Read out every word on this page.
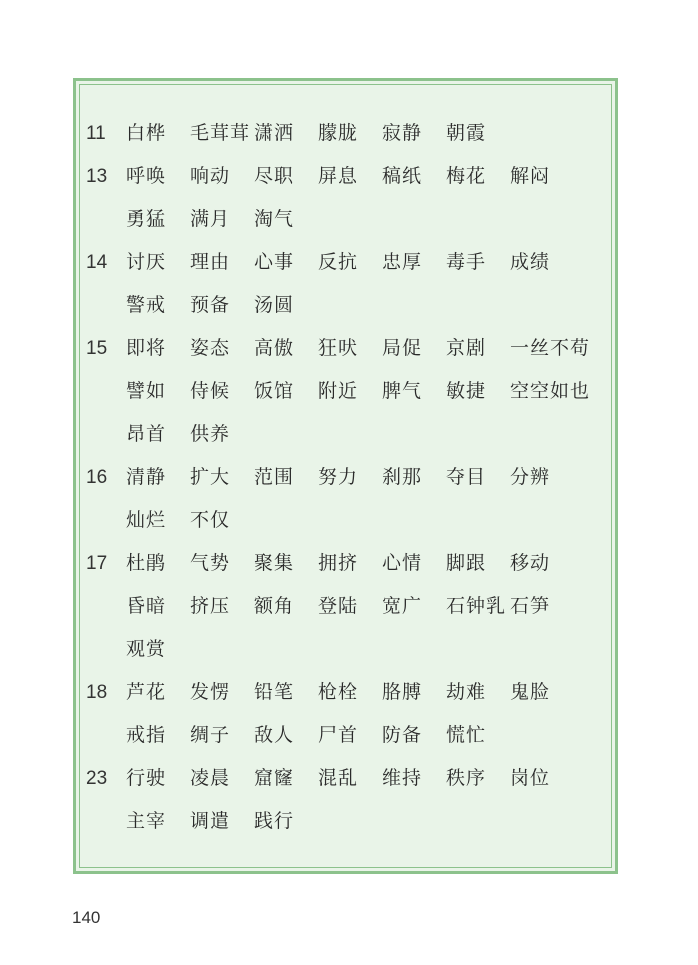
11	白桦 毛茸茸 潇洒 朦胧 寂静 朝霞
13 呼唤 响动 尽职 屏息 稿纸 梅花 解闷
勇猛 满月 淘气
14 讨厌 理由 心事 反抗 忠厚 毒手 成绩
警戒 预备 汤圆
15 即将 姿态 高傲 狂吠 局促 京剧 一丝不苟
譬如 侍候 饭馆 附近 脾气 敏捷 空空如也
昂首 供养
16 清静 扩大 范围 努力 刹那 夺目 分辨
灿烂 不仅
17 杜鹃 气势 聚集 拥挤 心情 脚跟 移动
昏暗 挤压 额角 登陆 宽广 石钟乳 石笋
观赏
18 芦花 发愣 铅笔 枪栓 胳膊 劫难 鬼脸
戒指 绸子 敌人 尸首 防备 慌忙
23 行驶 凌晨 窟窿 混乱 维持 秩序 岗位
主宰 调遣 践行
140
